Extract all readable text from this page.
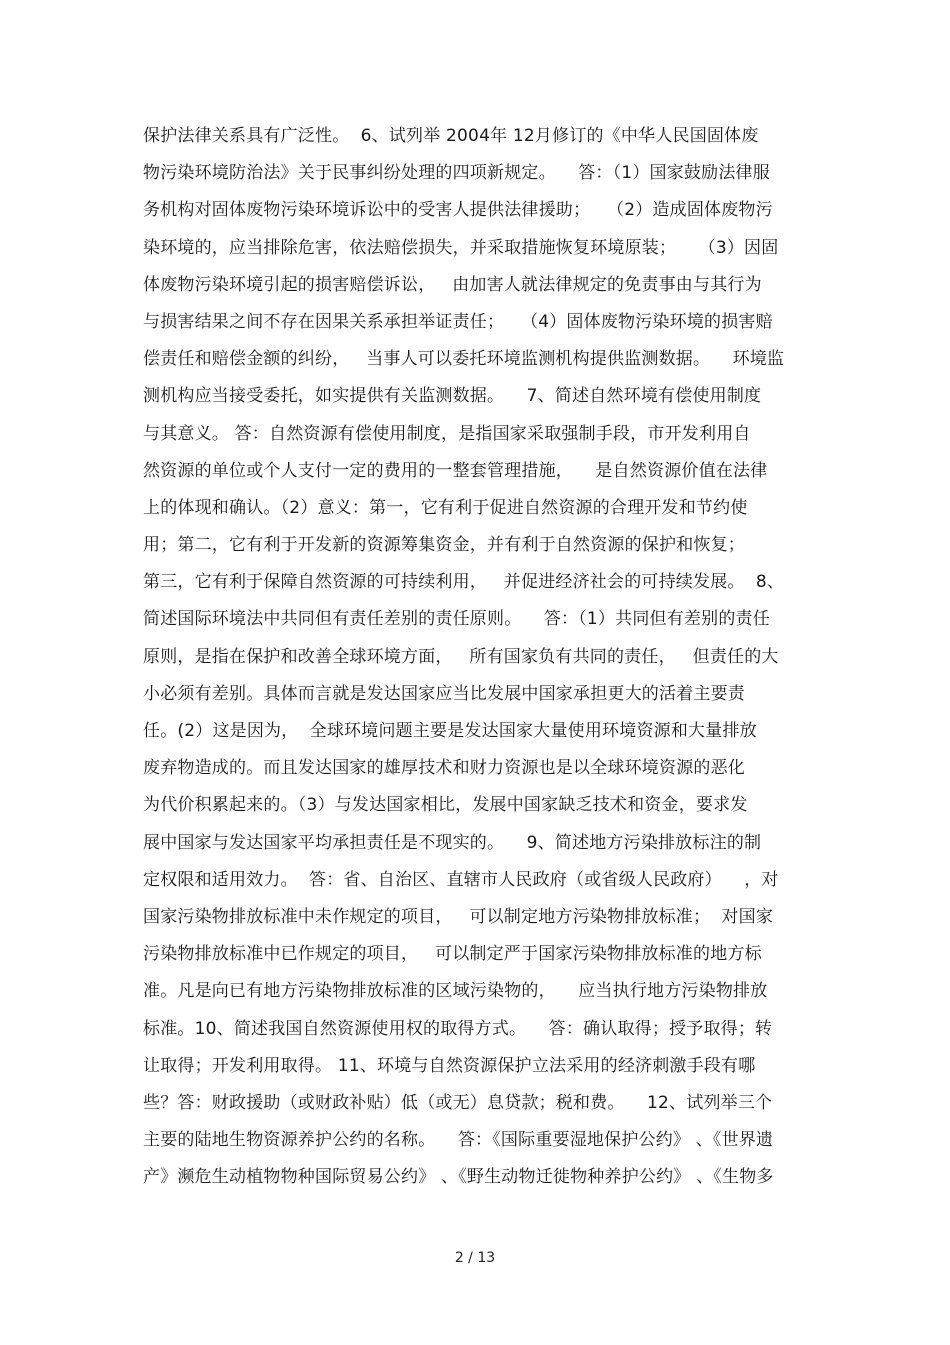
保护法律关系具有广泛性。  6、试列举 2004年 12月修订的《中华人民国固体废
物污染环境防治法》关于民事纠纷处理的四项新规定。    答：（1）国家鼓励法律服
务机构对固体废物污染环境诉讼中的受害人提供法律援助；   （2）造成固体废物污
染环境的，应当排除危害，依法赔偿损失，并采取措施恢复环境原装；    （3）因固
体废物污染环境引起的损害赔偿诉讼，   由加害人就法律规定的免责事由与其行为
与损害结果之间不存在因果关系承担举证责任；   （4）固体废物污染环境的损害赔
偿责任和赔偿金额的纠纷，   当事人可以委托环境监测机构提供监测数据。    环境监
测机构应当接受委托，如实提供有关监测数据。    7、简述自然环境有偿使用制度
与其意义。 答：自然资源有偿使用制度，是指国家采取强制手段，市开发利用自
然资源的单位或个人支付一定的费用的一整套管理措施，    是自然资源价值在法律
上的体现和确认。（2）意义：第一，它有利于促进自然资源的合理开发和节约使
用；第二，它有利于开发新的资源筹集资金，并有利于自然资源的保护和恢复；
第三，它有利于保障自然资源的可持续利用，   并促进经济社会的可持续发展。  8、
简述国际环境法中共同但有责任差别的责任原则。    答：（1）共同但有差别的责任
原则，是指在保护和改善全球环境方面，   所有国家负有共同的责任，   但责任的大
小必须有差别。具体而言就是发达国家应当比发展中国家承担更大的活着主要责
任。(2）这是因为，  全球环境问题主要是发达国家大量使用环境资源和大量排放
废弃物造成的。而且发达国家的雄厚技术和财力资源也是以全球环境资源的恶化
为代价积累起来的。（3）与发达国家相比，发展中国家缺乏技术和资金，要求发
展中国家与发达国家平均承担责任是不现实的。    9、简述地方污染排放标注的制
定权限和适用效力。  答：省、自治区、直辖市人民政府（或省级人民政府）    ，对
国家污染物排放标准中未作规定的项目，   可以制定地方污染物排放标准；  对国家
污染物排放标准中已作规定的项目，   可以制定严于国家污染物排放标准的地方标
准。凡是向已有地方污染物排放标准的区域污染物的，    应当执行地方污染物排放
标准。10、简述我国自然资源使用权的取得方式。    答：确认取得；授予取得；转
让取得；开发利用取得。 11、环境与自然资源保护立法采用的经济刺激手段有哪
些？答：财政援助（或财政补贴）低（或无）息贷款；税和费。    12、试列举三个
主要的陆地生物资源养护公约的名称。    答：《国际重要湿地保护公约》 、《世界遗
产》濒危生动植物物种国际贸易公约》 、《野生动物迁徙物种养护公约》 、《生物多
2 / 13
